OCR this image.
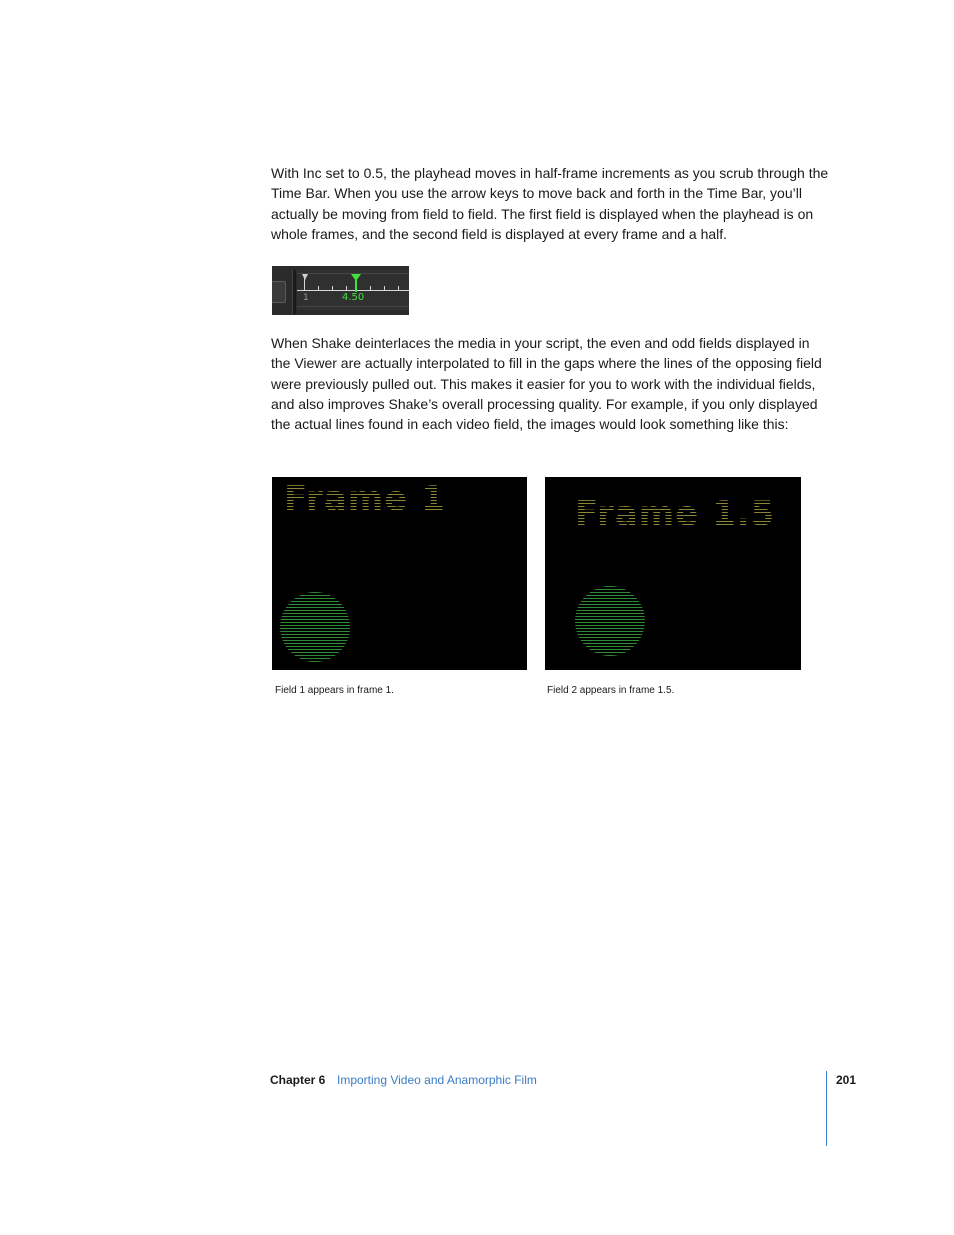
With Inc set to 0.5, the playhead moves in half-frame increments as you scrub through the Time Bar. When you use the arrow keys to move back and forth in the Time Bar, you’ll actually be moving from field to field. The first field is displayed when the playhead is on whole frames, and the second field is displayed at every frame and a half.

1	4.50

When Shake deinterlaces the media in your script, the even and odd fields displayed in the Viewer are actually interpolated to fill in the gaps where the lines of the opposing field were previously pulled out. This makes it easier for you to work with the individual fields, and also improves Shake’s overall processing quality. For example, if you only displayed the actual lines found in each video field, the images would look something like this:

Frame 1	Frame 1.5
Field 1 appears in frame 1.	Field 2 appears in frame 1.5.
Chapter 6 Importing Video and Anamorphic Film	201
